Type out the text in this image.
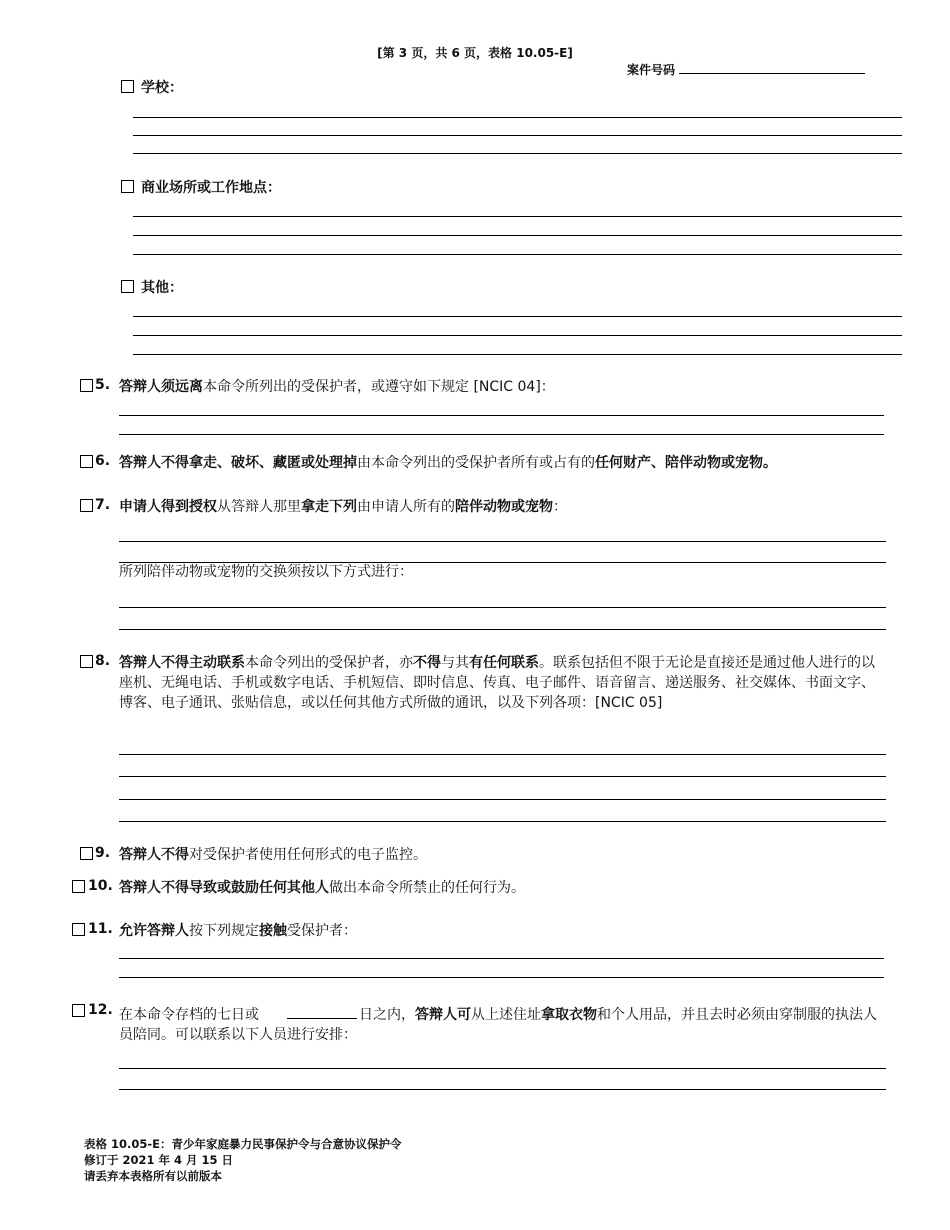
[第 3 页，共 6 页，表格 10.05-E]
案件号码
学校：
商业场所或工作地点：
其他：
5. 答辩人须远离本命令所列出的受保护者，或遵守如下规定 [NCIC 04]：
6. 答辩人不得拿走、破坏、藏匿或处理掉由本命令列出的受保护者所有或占有的任何财产、陪伴动物或宠物。
7. 申请人得到授权从答辩人那里拿走下列由申请人所有的陪伴动物或宠物：
所列陪伴动物或宠物的交换须按以下方式进行：
8. 答辩人不得主动联系本命令列出的受保护者，亦不得与其有任何联系。联系包括但不限于无论是直接还是通过他人进行的以座机、无绳电话、手机或数字电话、手机短信、即时信息、传真、电子邮件、语音留言、递送服务、社交媒体、书面文字、博客、电子通讯、张贴信息，或以任何其他方式所做的通讯，以及下列各项：[NCIC 05]
9. 答辩人不得对受保护者使用任何形式的电子监控。
10. 答辩人不得导致或鼓励任何其他人做出本命令所禁止的任何行为。
11. 允许答辩人按下列规定接触受保护者：
12. 在本命令存档的七日或	日之内，答辩人可从上述住址拿取衣物和个人用品，并且去时必须由穿制服的执法人员陪同。可以联系以下人员进行安排：
表格 10.05-E：青少年家庭暴力民事保护令与合意协议保护令
修订于 2021 年 4 月 15 日
请丢弃本表格所有以前版本
